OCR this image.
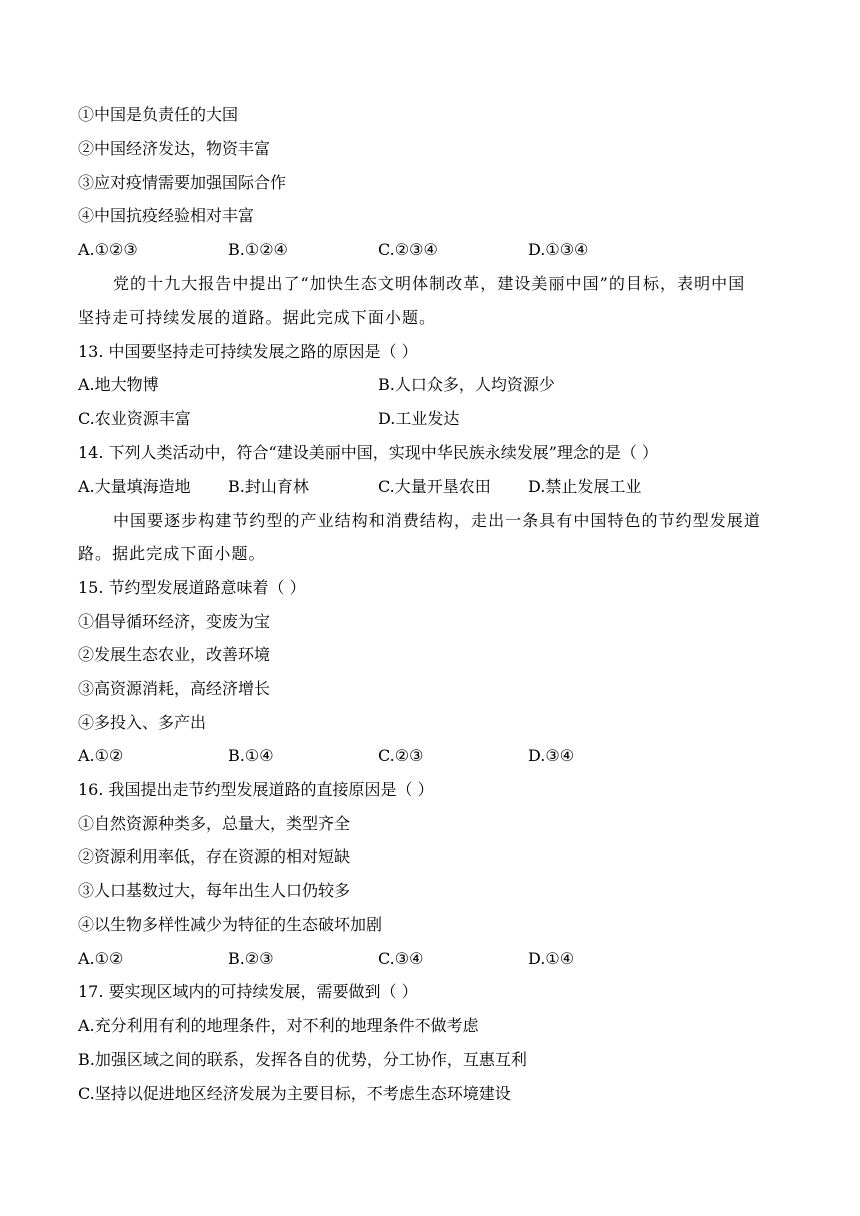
①中国是负责任的大国
②中国经济发达，物资丰富
③应对疫情需要加强国际合作
④中国抗疫经验相对丰富
A.①②③	B.①②④	C.②③④	D.①③④
党的十九大报告中提出了“加快生态文明体制改革，建设美丽中国”的目标，表明中国
坚持走可持续发展的道路。据此完成下面小题。
13. 中国要坚持走可持续发展之路的原因是（ ）
A.地大物博	B.人口众多，人均资源少
C.农业资源丰富	D.工业发达
14. 下列人类活动中，符合“建设美丽中国，实现中华民族永续发展”理念的是（ ）
A.大量填海造地 B.封山育林	C.大量开垦农田 D.禁止发展工业
中国要逐步构建节约型的产业结构和消费结构，走出一条具有中国特色的节约型发展道
路。据此完成下面小题。
15. 节约型发展道路意味着（ ）
①倡导循环经济，变废为宝
②发展生态农业，改善环境
③高资源消耗，高经济增长
④多投入、多产出
A.①②	B.①④	C.②③	D.③④
16. 我国提出走节约型发展道路的直接原因是（ ）
①自然资源种类多，总量大，类型齐全
②资源利用率低，存在资源的相对短缺
③人口基数过大，每年出生人口仍较多
④以生物多样性减少为特征的生态破坏加剧
A.①②	B.②③	C.③④	D.①④
17. 要实现区域内的可持续发展，需要做到（ ）
A.充分利用有利的地理条件，对不利的地理条件不做考虑
B.加强区域之间的联系，发挥各自的优势，分工协作，互惠互利
C.坚持以促进地区经济发展为主要目标，不考虑生态环境建设
